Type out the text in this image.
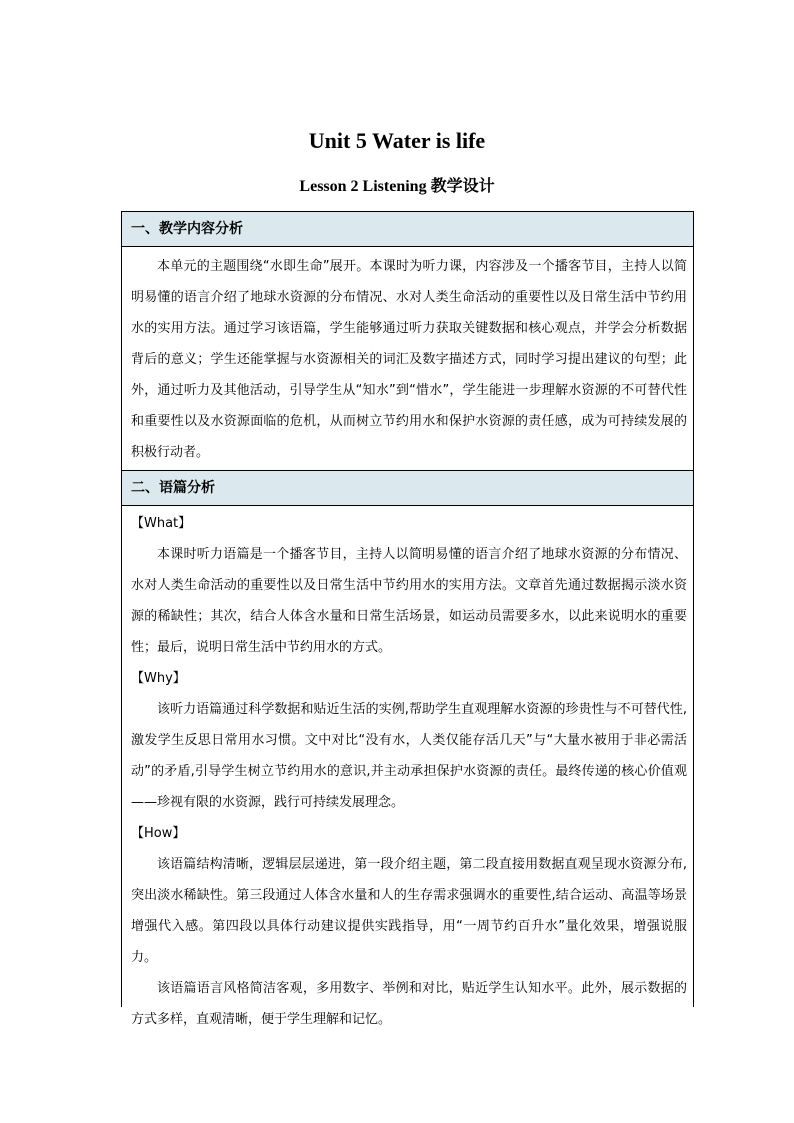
Unit 5 Water is life
Lesson 2 Listening 教学设计
一、教学内容分析

本单元的主题围绕“水即生命”展开。本课时为听力课，内容涉及一个播客节目，主持人以简明易懂的语言介绍了地球水资源的分布情况、水对人类生命活动的重要性以及日常生活中节约用水的实用方法。通过学习该语篇，学生能够通过听力获取关键数据和核心观点，并学会分析数据背后的意义；学生还能掌握与水资源相关的词汇及数字描述方式，同时学习提出建议的句型；此外，通过听力及其他活动，引导学生从“知水”到“惜水”，学生能进一步理解水资源的不可替代性和重要性以及水资源面临的危机，从而树立节约用水和保护水资源的责任感，成为可持续发展的积极行动者。

二、语篇分析

【What】

本课时听力语篇是一个播客节目，主持人以简明易懂的语言介绍了地球水资源的分布情况、水对人类生命活动的重要性以及日常生活中节约用水的实用方法。文章首先通过数据揭示淡水资源的稀缺性；其次，结合人体含水量和日常生活场景，如运动员需要多水，以此来说明水的重要性；最后，说明日常生活中节约用水的方式。

【Why】

该听力语篇通过科学数据和贴近生活的实例,帮助学生直观理解水资源的珍贵性与不可替代性,激发学生反思日常用水习惯。文中对比“没有水，人类仅能存活几天”与“大量水被用于非必需活动”的矛盾,引导学生树立节约用水的意识,并主动承担保护水资源的责任。最终传递的核心价值观——珍视有限的水资源，践行可持续发展理念。

【How】

该语篇结构清晰，逻辑层层递进，第一段介绍主题，第二段直接用数据直观呈现水资源分布,突出淡水稀缺性。第三段通过人体含水量和人的生存需求强调水的重要性,结合运动、高温等场景增强代入感。第四段以具体行动建议提供实践指导，用“一周节约百升水”量化效果，增强说服力。

该语篇语言风格简洁客观，多用数字、举例和对比，贴近学生认知水平。此外，展示数据的方式多样，直观清晰，便于学生理解和记忆。
